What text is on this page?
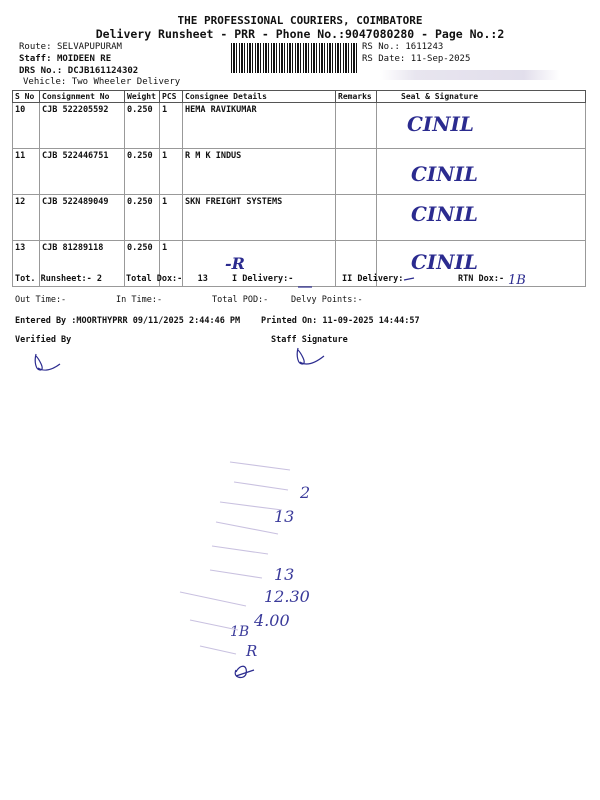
THE PROFESSIONAL COURIERS, COIMBATORE
Delivery Runsheet - PRR - Phone No.:9047080280 - Page No.:2
Route: SELVAPUPURAM
Staff: MOIDEEN RE
DRS No.: DCJB161124302
Vehicle: Two Wheeler Delivery
RS No.: 1611243
RS Date: 11-Sep-2025
S No	Consignment No	Weight	PCS	Consignee Details	Remarks	Seal & Signature
10	CJB 522205592	0.250	1	HEMA RAVIKUMAR		CINIL

11	CJB 522446751	0.250	1	R M K INDUS		CINIL

12	CJB 522489049	0.250	1	SKN FREIGHT SYSTEMS		CINIL

13	CJB 81289118	0.250	1	-R		CINIL
Tot. Runsheet:- 2	Total Dox:- 13	I Delivery:-	II Delivery:	RTN Dox:- 1B
Out Time:-	In Time:-	Total POD:-	Delvy Points:-
Entered By :MOORTHYPRR 09/11/2025 2:44:46 PM Printed On: 11-09-2025 14:44:57
Verified By	Staff Signature
2
13
13
12.30
4.00
1B
R
